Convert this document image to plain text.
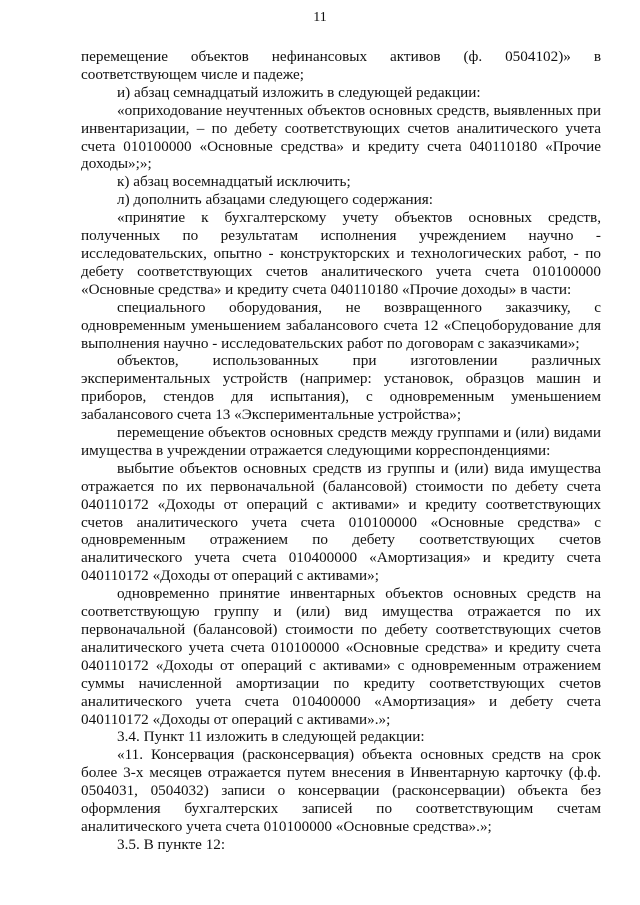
11

перемещение объектов нефинансовых активов (ф. 0504102)» в соответствующем числе и падеже;

и) абзац семнадцатый изложить в следующей редакции:

«оприходование неучтенных объектов основных средств, выявленных при инвентаризации, – по дебету соответствующих счетов аналитического учета счета 010100000 «Основные средства» и кредиту счета 040110180 «Прочие доходы»;»;

к) абзац восемнадцатый исключить;

л) дополнить абзацами следующего содержания:

«принятие к бухгалтерскому учету объектов основных средств, полученных по результатам исполнения учреждением научно - исследовательских, опытно - конструкторских и технологических работ, - по дебету соответствующих счетов аналитического учета счета 010100000 «Основные средства» и кредиту счета 040110180 «Прочие доходы» в части:

специального оборудования, не возвращенного заказчику, с одновременным уменьшением забалансового счета 12 «Спецоборудование для выполнения научно - исследовательских работ по договорам с заказчиками»;

объектов, использованных при изготовлении различных экспериментальных устройств (например: установок, образцов машин и приборов, стендов для испытания), с одновременным уменьшением забалансового счета 13 «Экспериментальные устройства»;

перемещение объектов основных средств между группами и (или) видами имущества в учреждении отражается следующими корреспонденциями:

выбытие объектов основных средств из группы и (или) вида имущества отражается по их первоначальной (балансовой) стоимости по дебету счета 040110172 «Доходы от операций с активами» и кредиту соответствующих счетов аналитического учета счета 010100000 «Основные средства» с одновременным отражением по дебету соответствующих счетов аналитического учета счета 010400000 «Амортизация» и кредиту счета 040110172 «Доходы от операций с активами»;

одновременно принятие инвентарных объектов основных средств на соответствующую группу и (или) вид имущества отражается по их первоначальной (балансовой) стоимости по дебету соответствующих счетов аналитического учета счета 010100000 «Основные средства» и кредиту счета 040110172 «Доходы от операций с активами» с одновременным отражением суммы начисленной амортизации по кредиту соответствующих счетов аналитического учета счета 010400000 «Амортизация» и дебету счета 040110172 «Доходы от операций с активами».»;

3.4. Пункт 11 изложить в следующей редакции:

«11. Консервация (расконсервация) объекта основных средств на срок более 3-х месяцев отражается путем внесения в Инвентарную карточку (ф.ф. 0504031, 0504032) записи о консервации (расконсервации) объекта без оформления бухгалтерских записей по соответствующим счетам аналитического учета счета 010100000 «Основные средства».»;

3.5. В пункте 12:
